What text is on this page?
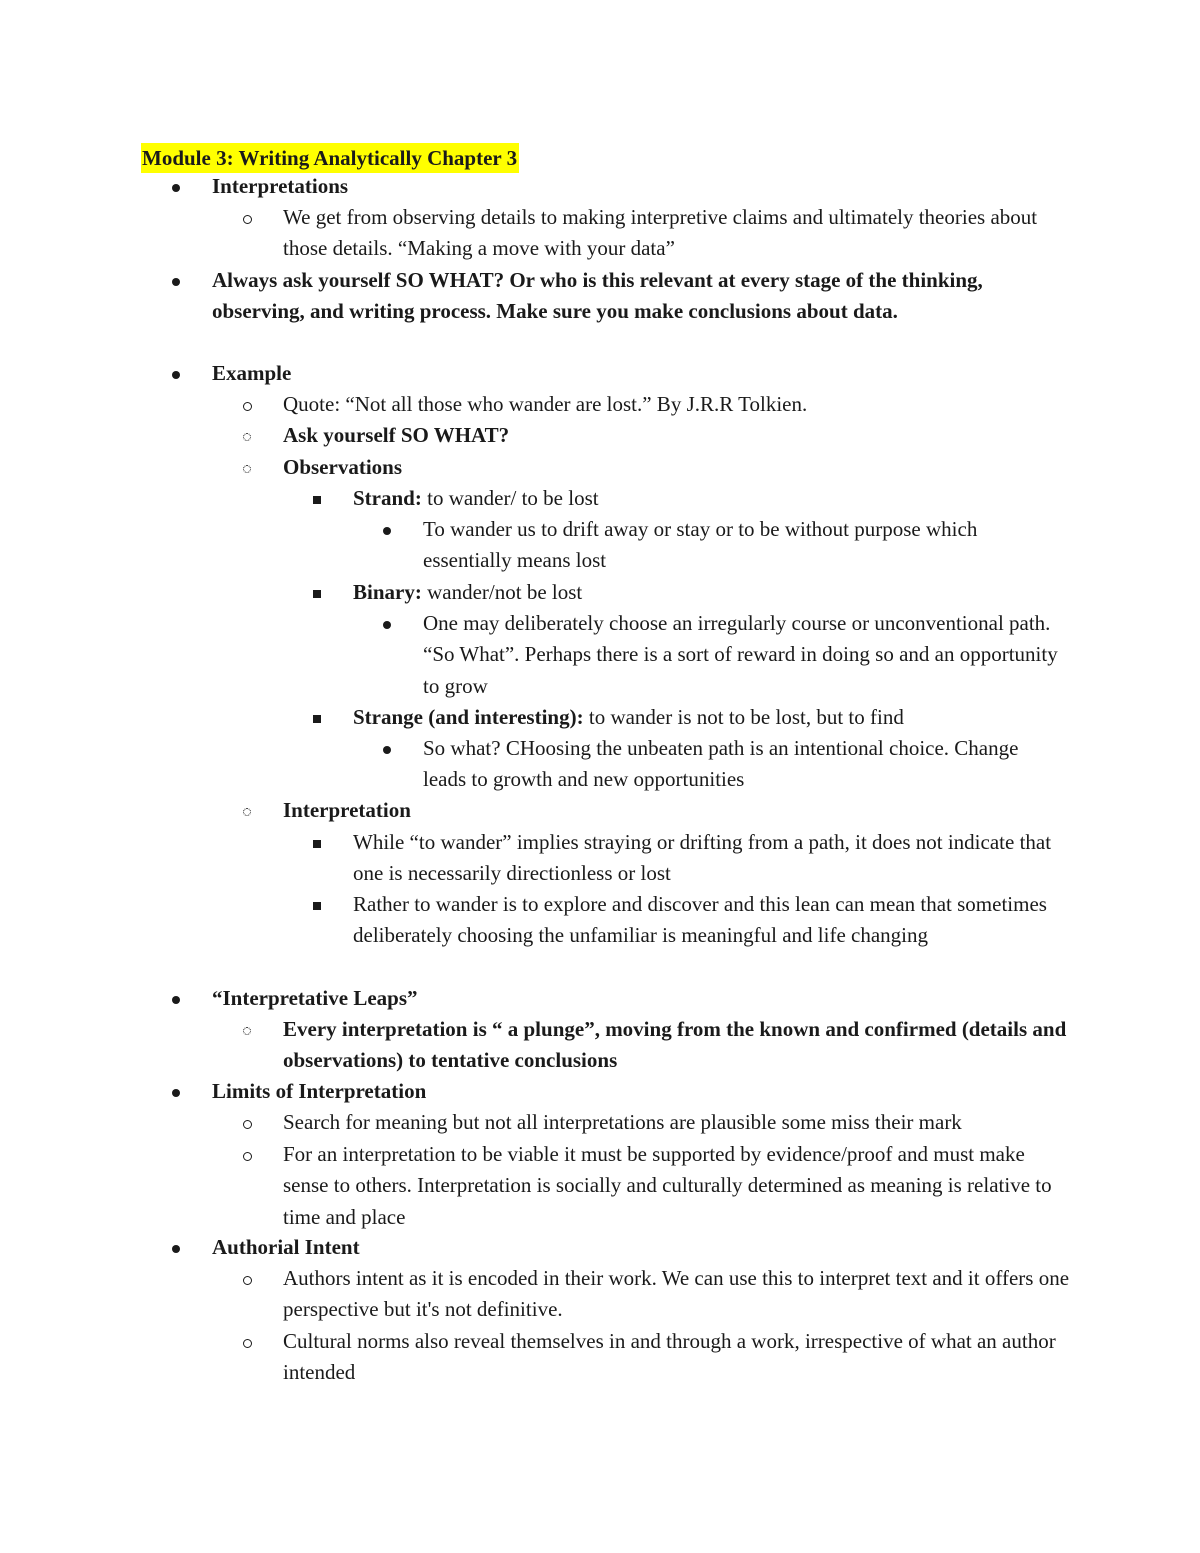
Module 3: Writing Analytically Chapter 3

Interpretations

We get from observing details to making interpretive claims and ultimately theories about those details. “Making a move with your data”

Always ask yourself SO WHAT? Or who is this relevant at every stage of the thinking, observing, and writing process. Make sure you make conclusions about data.

Example

Quote: “Not all those who wander are lost.” By J.R.R Tolkien.

Ask yourself SO WHAT?

Observations

Strand: to wander/ to be lost

To wander us to drift away or stay or to be without purpose which essentially means lost

Binary: wander/not be lost

One may deliberately choose an irregularly course or unconventional path. “So What”. Perhaps there is a sort of reward in doing so and an opportunity to grow

Strange (and interesting): to wander is not to be lost, but to find

So what? CHoosing the unbeaten path is an intentional choice. Change leads to growth and new opportunities

Interpretation

While “to wander” implies straying or drifting from a path, it does not indicate that one is necessarily directionless or lost

Rather to wander is to explore and discover and this lean can mean that sometimes deliberately choosing the unfamiliar is meaningful and life changing

“Interpretative Leaps”

Every interpretation is “ a plunge”, moving from the known and confirmed (details and observations) to tentative conclusions

Limits of Interpretation

Search for meaning but not all interpretations are plausible some miss their mark

For an interpretation to be viable it must be supported by evidence/proof and must make sense to others. Interpretation is socially and culturally determined as meaning is relative to time and place

Authorial Intent

Authors intent as it is encoded in their work. We can use this to interpret text and it offers one perspective but it's not definitive.

Cultural norms also reveal themselves in and through a work, irrespective of what an author intended
